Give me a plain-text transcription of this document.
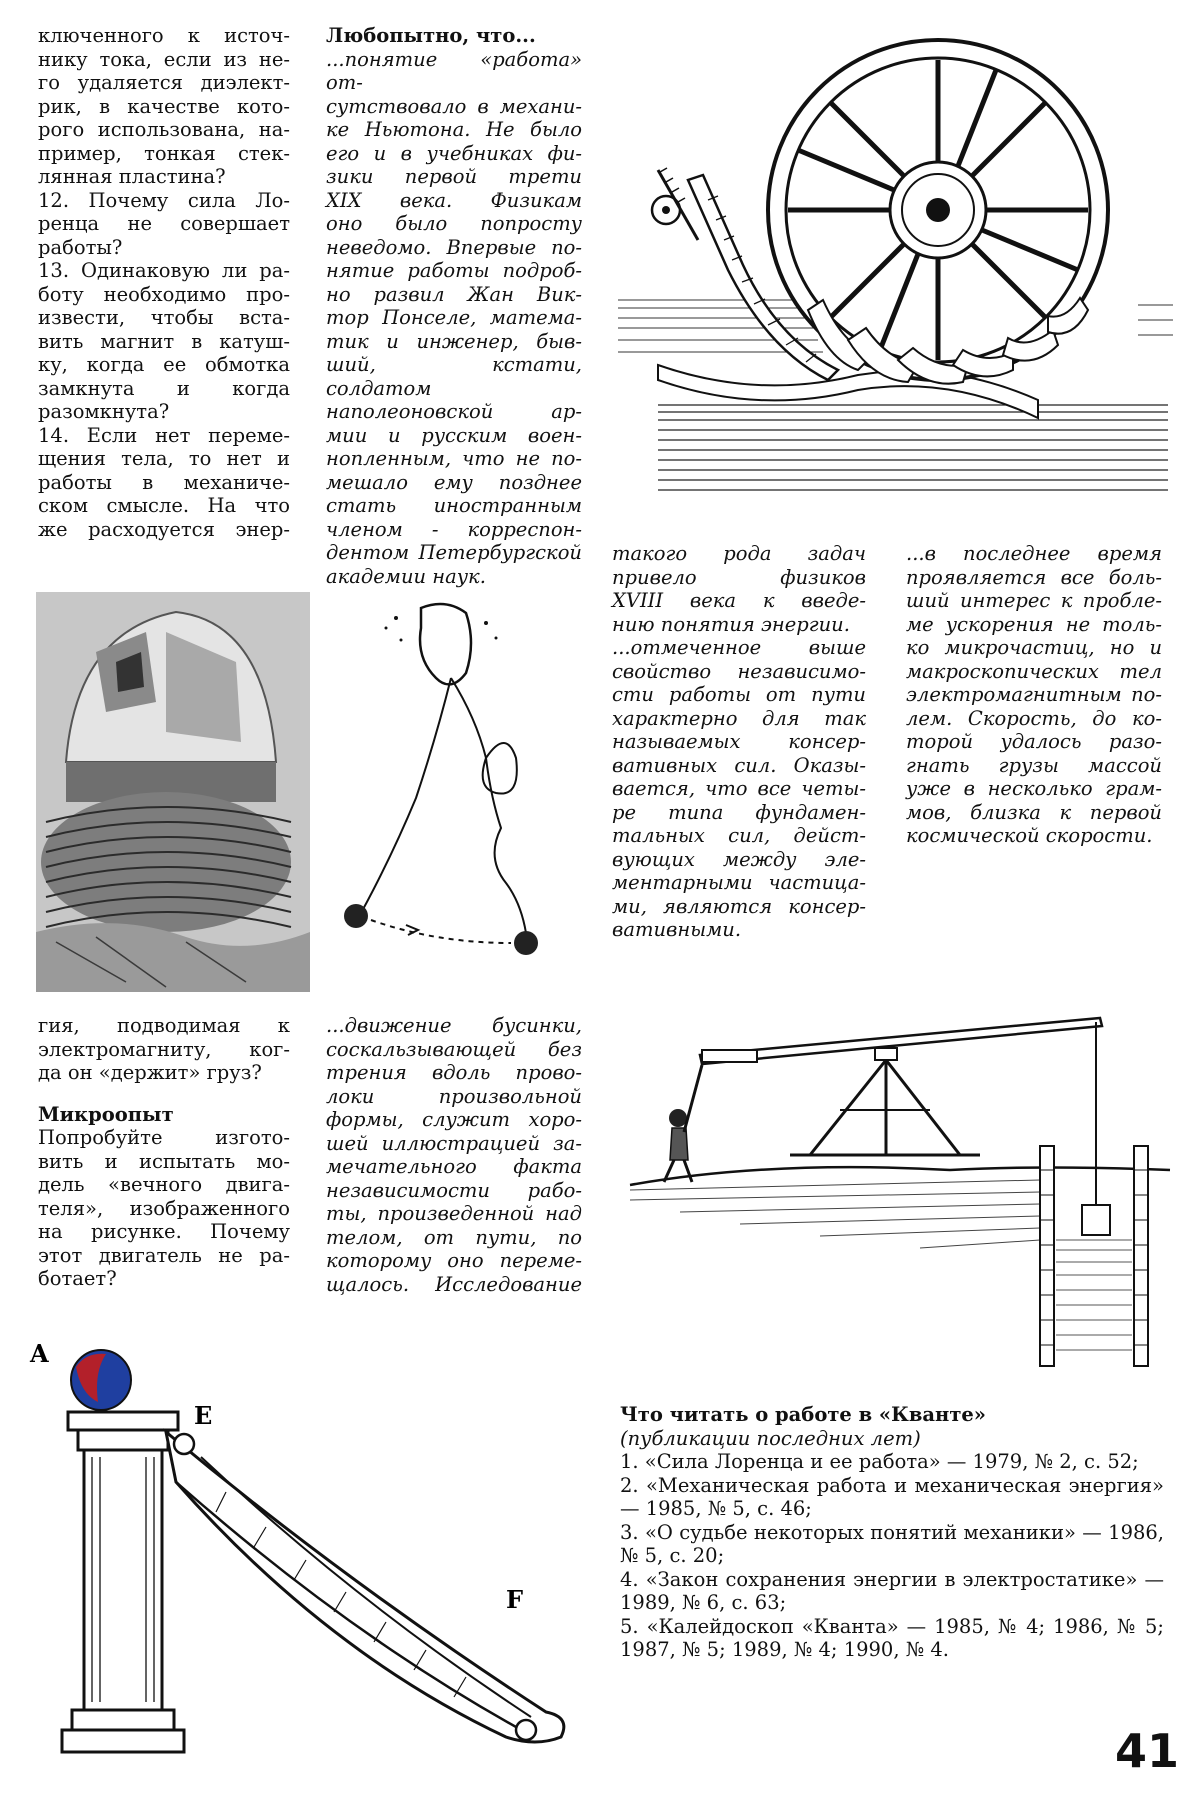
ключенного к источ-

нику тока, если из не-

го удаляется диэлект-

рик, в качестве кото-

рого использована, на-

пример, тонкая стек-

лянная пластина?

12. Почему сила Ло-

ренца не совершает

работы?

13. Одинаковую ли ра-

боту необходимо про-

извести, чтобы вста-

вить магнит в катуш-

ку, когда ее обмотка

замкнута и когда

разомкнута?

14. Если нет переме-

щения тела, то нет и

работы в механиче-

ском смысле. На что

же расходуется энер-

Любопытно, что...

...понятие «работа» от-

сутствовало в механи-

ке Ньютона. Не было

его и в учебниках фи-

зики первой трети

XIX века. Физикам

оно было попросту

неведомо. Впервые по-

нятие работы подроб-

но развил Жан Вик-

тор Понселе, матема-

тик и инженер, быв-

ший, кстати, солдатом

наполеоновской ар-

мии и русским воен-

нопленным, что не по-

мешало ему позднее

стать иностранным

членом - корреспон-

дентом Петербургской

академии наук.

такого рода задач

привело физиков

XVIII века к введе-

нию понятия энергии.

...отмеченное выше

свойство независимо-

сти работы от пути

характерно для так

называемых консер-

вативных сил. Оказы-

вается, что все четы-

ре типа фундамен-

тальных сил, дейст-

вующих между эле-

ментарными частица-

ми, являются консер-

вативными.

...в последнее время

проявляется все боль-

ший интерес к пробле-

ме ускорения не толь-

ко микрочастиц, но и

макроскопических тел

электромагнитным по-

лем. Скорость, до ко-

торой удалось разо-

гнать грузы массой

уже в несколько грам-

мов, близка к первой

космической скорости.

гия, подводимая к

электромагниту, ког-

да он «держит» груз?

Микроопыт

Попробуйте изгото-

вить и испытать мо-

дель «вечного двига-

теля», изображенного

на рисунке. Почему

этот двигатель не ра-

ботает?

...движение бусинки,

соскальзывающей без

трения вдоль прово-

локи произвольной

формы, служит хоро-

шей иллюстрацией за-

мечательного факта

независимости рабо-

ты, произведенной над

телом, от пути, по

которому оно переме-

щалось. Исследование

A
E
F

Что читать о работе в «Кванте»

(публикации последних лет)

1. «Сила Лоренца и ее работа» — 1979, № 2, с. 52;

2. «Механическая работа и механическая энергия» — 1985, № 5, с. 46;

3. «О судьбе некоторых понятий механики» — 1986, № 5, с. 20;

4. «Закон сохранения энергии в электростатике» — 1989, № 6, с. 63;

5. «Калейдоскоп «Кванта» — 1985, № 4; 1986, № 5; 1987, № 5; 1989, № 4; 1990, № 4.

41
